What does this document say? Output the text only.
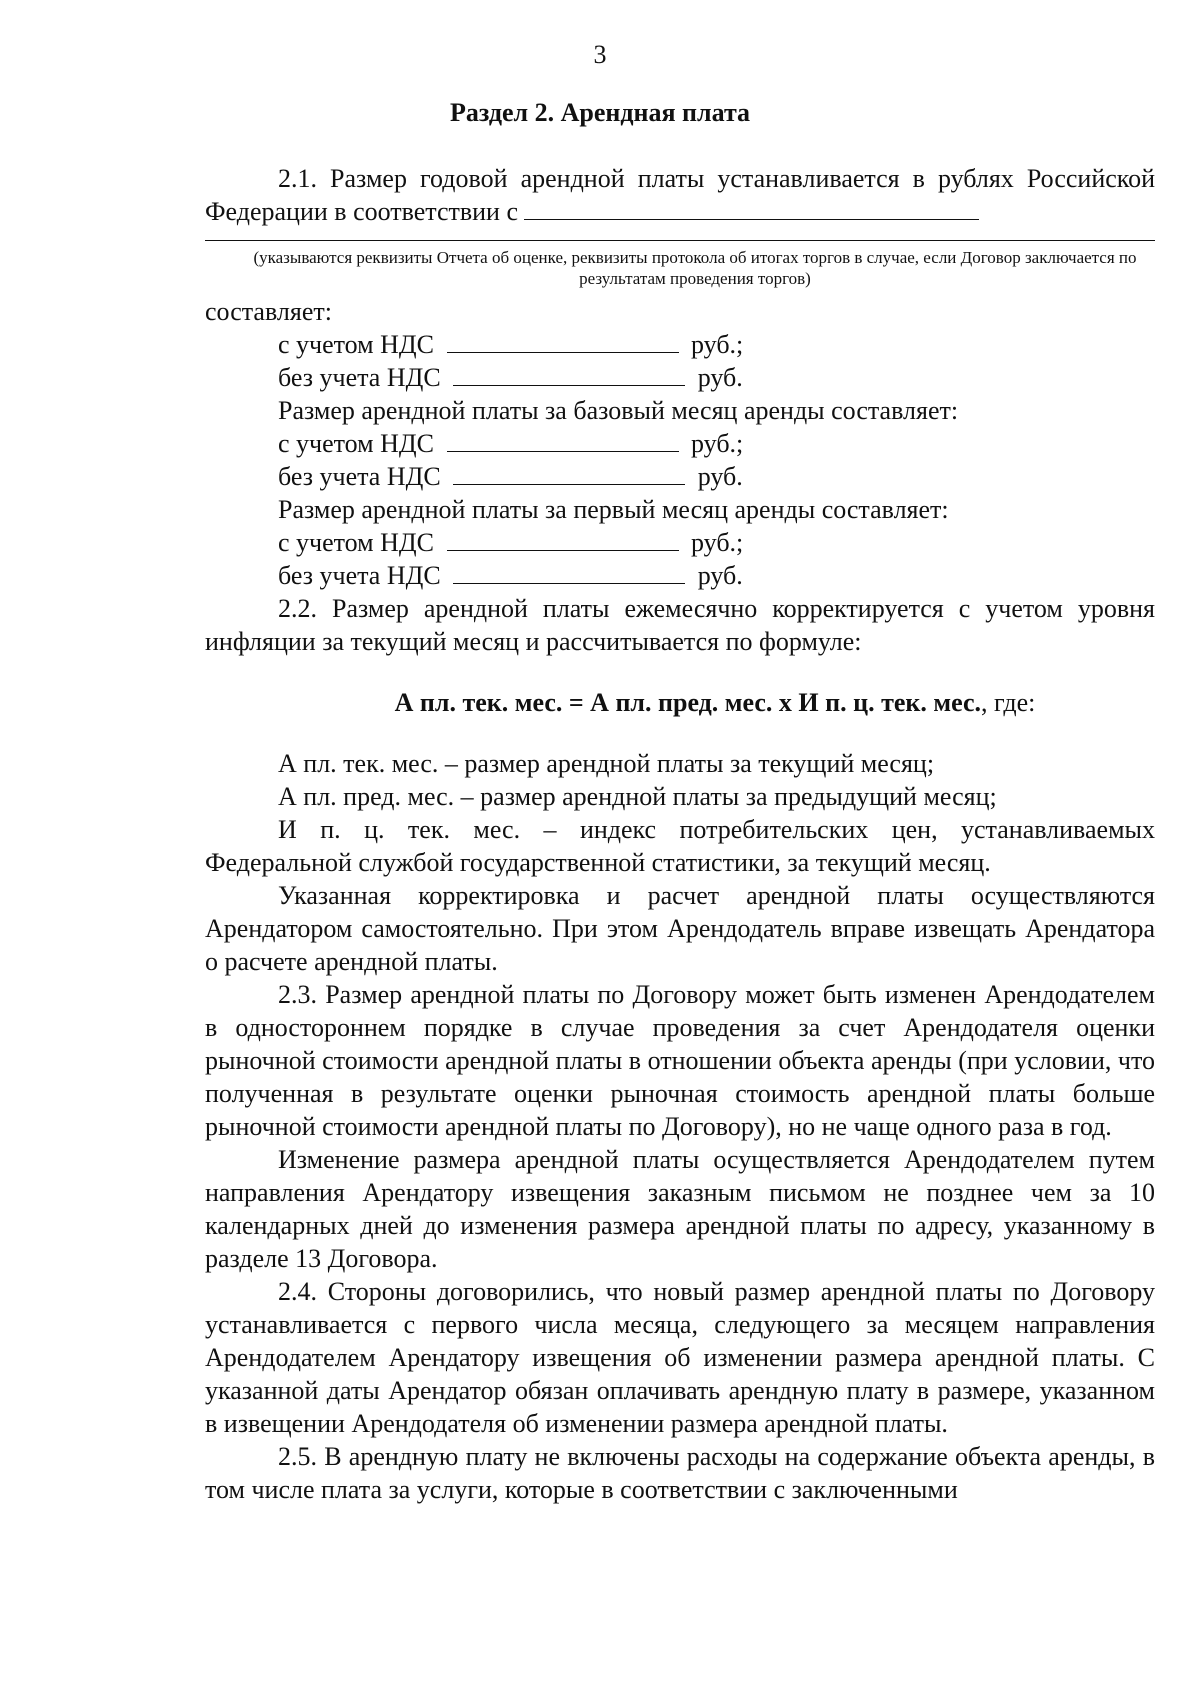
3
Раздел 2. Арендная плата

2.1. Размер годовой арендной платы устанавливается в рублях Российской Федерации в соответствии с

(указываются реквизиты Отчета об оценке, реквизиты протокола об итогах торгов в случае, если Договор заключается по результатам проведения торгов)

составляет:

с учетом НДС	руб.;

без учета НДС	руб.

Размер арендной платы за базовый месяц аренды составляет:

с учетом НДС	руб.;

без учета НДС	руб.

Размер арендной платы за первый месяц аренды составляет:

с учетом НДС	руб.;

без учета НДС	руб.

2.2. Размер арендной платы ежемесячно корректируется с учетом уровня инфляции за текущий месяц и рассчитывается по формуле:

А пл. тек. мес. = А пл. пред. мес. х И п. ц. тек. мес., где:

А пл. тек. мес. – размер арендной платы за текущий месяц;

А пл. пред. мес. – размер арендной платы за предыдущий месяц;

И п. ц. тек. мес. – индекс потребительских цен, устанавливаемых Федеральной службой государственной статистики, за текущий месяц.

Указанная корректировка и расчет арендной платы осуществляются Арендатором самостоятельно. При этом Арендодатель вправе извещать Арендатора о расчете арендной платы.

2.3. Размер арендной платы по Договору может быть изменен Арендодателем в одностороннем порядке в случае проведения за счет Арендодателя оценки рыночной стоимости арендной платы в отношении объекта аренды (при условии, что полученная в результате оценки рыночная стоимость арендной платы больше рыночной стоимости арендной платы по Договору), но не чаще одного раза в год.

Изменение размера арендной платы осуществляется Арендодателем путем направления Арендатору извещения заказным письмом не позднее чем за 10 календарных дней до изменения размера арендной платы по адресу, указанному в разделе 13 Договора.

2.4. Стороны договорились, что новый размер арендной платы по Договору устанавливается с первого числа месяца, следующего за месяцем направления Арендодателем Арендатору извещения об изменении размера арендной платы. С указанной даты Арендатор обязан оплачивать арендную плату в размере, указанном в извещении Арендодателя об изменении размера арендной платы.

2.5. В арендную плату не включены расходы на содержание объекта аренды, в том числе плата за услуги, которые в соответствии с заключенными
